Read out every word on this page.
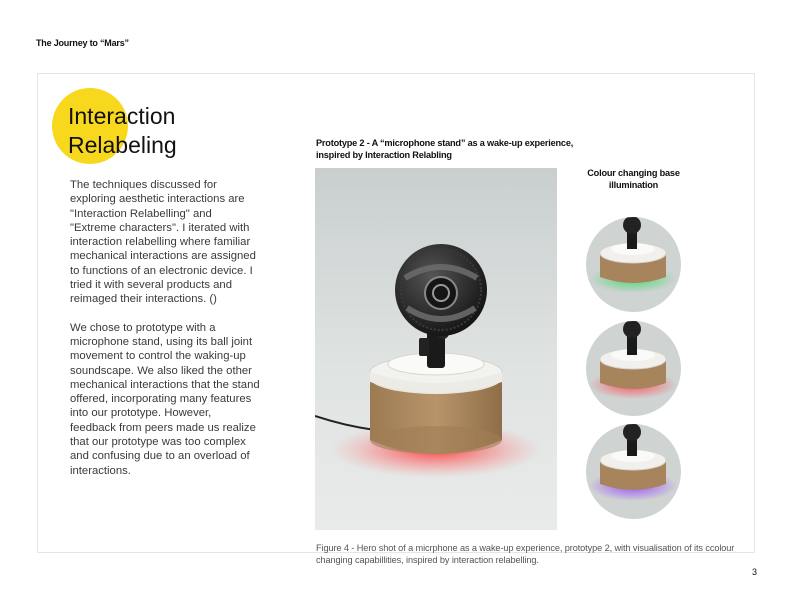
The Journey to “Mars”
Interaction
Relabeling

The techniques discussed for exploring aesthetic interactions are "Interaction Relabelling" and "Extreme characters". I iterated with interaction relabelling where familiar mechanical interactions are assigned to functions of an electronic device. I tried it with several products and reimaged their interactions. ()

We chose to prototype with a microphone stand, using its ball joint movement to control the waking-up soundscape. We also liked the other mechanical interactions that the stand offered, incorporating many features into our prototype. However, feedback from peers made us realize that our prototype was too complex and confusing due to an overload of interactions.

Prototype 2 - A “microphone stand” as a wake-up experience, inspired by Interaction Relabling
Colour changing base illumination
Figure 4 - Hero shot of a micrphone as a wake-up experience, prototype 2, with visualisation of its ccolour changing capabillities, inspired by interaction relabelling.
3
